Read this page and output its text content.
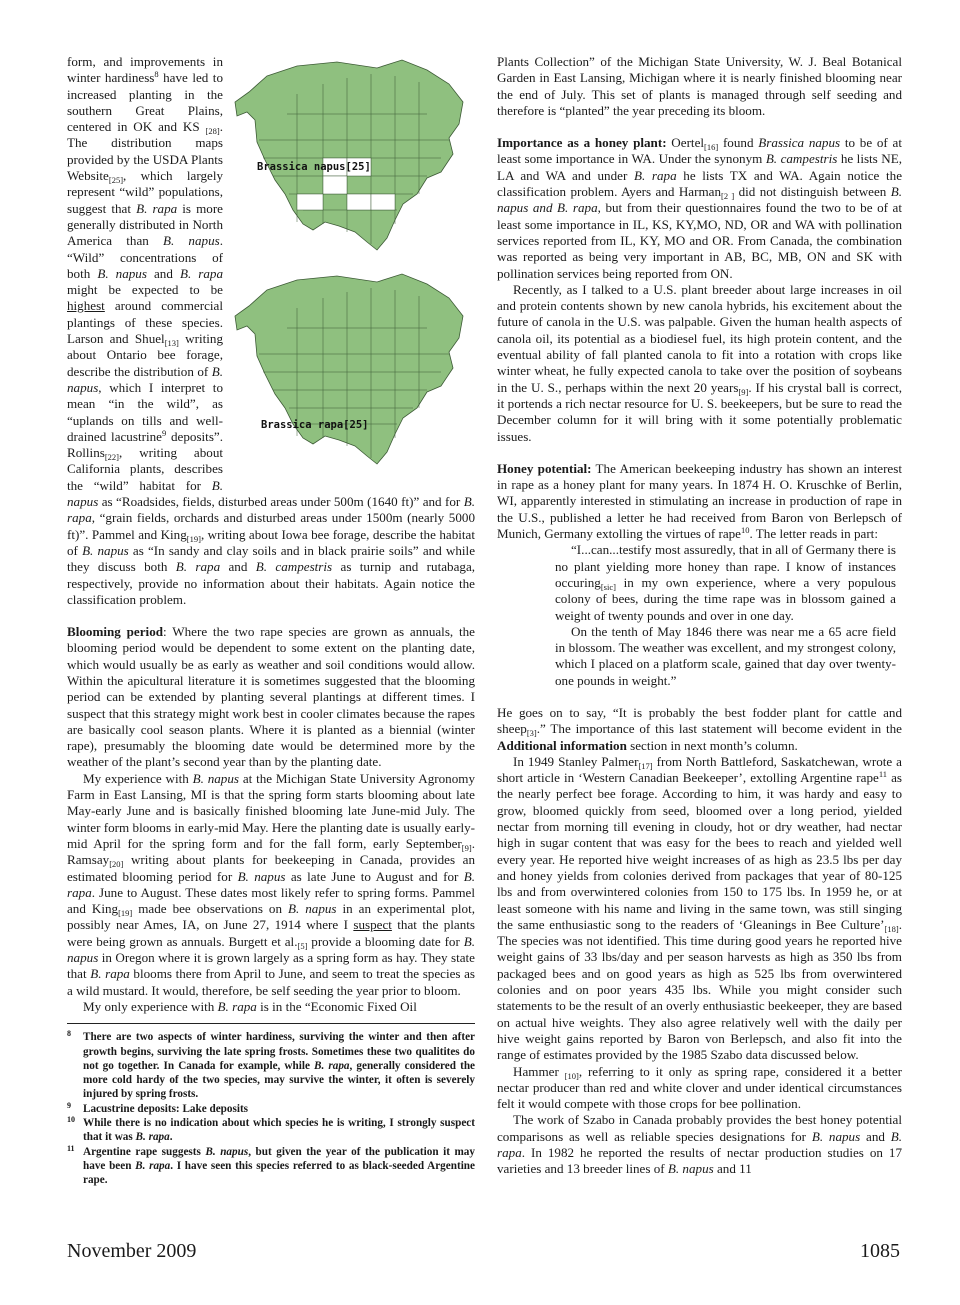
Brassica napus[25]
Brassica rapa[25]

form, and improvements in winter hardiness$^8$ have led to increased planting in the southern Great Plains, centered in OK and KS $_{[28]}$. The distribution maps provided by the USDA Plants Website$_{[25]}$, which largely represent “wild” populations, suggest that B. rapa is more generally distributed in North America than B. napus. “Wild” concentrations of both B. napus and B. rapa might be expected to be highest around commercial plantings of these species. Larson and Shuel$_{[13]}$ writing about Ontario bee forage, describe the distribution of B. napus, which I interpret to mean “in the wild”, as “uplands on tills and well-drained lacustrine$^9$ deposits”. Rollins$_{[22]}$, writing about California plants, describes the “wild” habitat for B. napus as “Roadsides, fields, disturbed areas under 500m (1640 ft)” and for B. rapa, “grain fields, orchards and disturbed areas under 1500m (nearly 5000 ft)”. Pammel and King$_{[19]}$, writing about Iowa bee forage, describe the habitat of B. napus as “In sandy and clay soils and in black prairie soils” and while they discuss both B. rapa and B. campestris as turnip and rutabaga, respectively, provide no information about their habitats. Again notice the classification problem.

Blooming period: Where the two rape species are grown as annuals, the blooming period would be dependent to some extent on the planting date, which would usually be as early as weather and soil conditions would allow. Within the apicultural literature it is sometimes suggested that the blooming period can be extended by planting several plantings at different times. I suspect that this strategy might work best in cooler climates because the rapes are basically cool season plants. Where it is planted as a biennial (winter rape), presumably the blooming date would be determined more by the weather of the plant’s second year than by the planting date.

My experience with B. napus at the Michigan State University Agronomy Farm in East Lansing, MI is that the spring form starts blooming about late May-early June and is basically finished blooming late June-mid July. The winter form blooms in early-mid May. Here the planting date is usually early-mid April for the spring form and for the fall form, early September$_{[9]}$. Ramsay$_{[20]}$ writing about plants for beekeeping in Canada, provides an estimated blooming period for B. napus as late June to August and for B. rapa. June to August. These dates most likely refer to spring forms. Pammel and King$_{[19]}$ made bee observations on B. napus in an experimental plot, possibly near Ames, IA, on June 27, 1914 where I suspect that the plants were being grown as annuals. Burgett et $al._{[5]}$ provide a blooming date for B. napus in Oregon where it is grown largely as a spring form as hay. They state that B. rapa blooms there from April to June, and seem to treat the species as a wild mustard. It would, therefore, be self seeding the year prior to bloom.

My only experience with B. rapa is in the “Economic Fixed Oil

8 There are two aspects of winter hardiness, surviving the winter and then after growth begins, surviving the late spring frosts. Sometimes these two qualitites do not go together. In Canada for example, while B. rapa, generally considered the more cold hardy of the two species, may survive the winter, it often is severely injured by spring frosts.
9 Lacustrine deposits: Lake deposits
10 While there is no indication about which species he is writing, I strongly suspect that it was B. rapa.
11 Argentine rape suggests B. napus, but given the year of the publication it may have been B. rapa. I have seen this species referred to as black-seeded Argentine rape.

Plants Collection” of the Michigan State University, W. J. Beal Botanical Garden in East Lansing, Michigan where it is nearly finished blooming near the end of July. This set of plants is managed through self seeding and therefore is “planted” the year preceding its bloom.

Importance as a honey plant: Oertel$_{[16]}$ found Brassica napus to be of at least some importance in WA. Under the synonym B. campestris he lists NE, LA and WA and under B. rapa he lists TX and WA. Again notice the classification problem. Ayers and Harman$_{[2 ]}$ did not distinguish between B. napus and B. rapa, but from their questionnaires found the two to be of at least some importance in IL, KS, KY,MO, ND, OR and WA with pollination services reported from IL, KY, MO and OR. From Canada, the combination was reported as being very important in AB, BC, MB, ON and SK with pollination services being reported from ON.

Recently, as I talked to a U.S. plant breeder about large increases in oil and protein contents shown by new canola hybrids, his excitement about the future of canola in the U.S. was palpable. Given the human health aspects of canola oil, its potential as a biodiesel fuel, its high protein content, and the eventual ability of fall planted canola to fit into a rotation with crops like winter wheat, he fully expected canola to take over the position of soybeans in the U. S., perhaps within the next 20 years$_{[9]}$. If his crystal ball is correct, it portends a rich nectar resource for U. S. beekeepers, but be sure to read the December column for it will bring with it some potentially problematic issues.

Honey potential: The American beekeeping industry has shown an interest in rape as a honey plant for many years. In 1874 H. O. Kruschke of Berlin, WI, apparently interested in stimulating an increase in production of rape in the U.S., published a letter he had received from Baron von Berlepsch of Munich, Germany extolling the virtues of rape$^{10}$. The letter reads in part:

“I...can...testify most assuredly, that in all of Germany there is no plant yielding more honey than rape. I know of instances occuring$_{[sic]}$ in my own experience, where a very populous colony of bees, during the time rape was in blossom gained a weight of twenty pounds and over in one day.

On the tenth of May 1846 there was near me a 65 acre field in blossom. The weather was excellent, and my strongest colony, which I placed on a platform scale, gained that day over twenty-one pounds in weight.”

He goes on to say, “It is probably the best fodder plant for cattle and sheep$_{[3]}$.” The importance of this last statement will become evident in the Additional information section in next month’s column.

In 1949 Stanley Palmer$_{[17]}$ from North Battleford, Saskatchewan, wrote a short article in ‘Western Canadian Beekeeper’, extolling Argentine rape$^{11}$ as the nearly perfect bee forage. According to him, it was hardy and easy to grow, bloomed quickly from seed, bloomed over a long period, yielded nectar from morning till evening in cloudy, hot or dry weather, had nectar high in sugar content that was easy for the bees to reach and yielded well every year. He reported hive weight increases of as high as 23.5 lbs per day and honey yields from colonies derived from packages that year of 80-125 lbs and from overwintered colonies from 150 to 175 lbs. In 1959 he, or at least someone with his name and living in the same town, was still singing the same enthusiastic song to the readers of ‘Gleanings in Bee $Culture’_{[18]}$. The species was not identified. This time during good years he reported hive weight gains of 33 lbs/day and per season harvests as high as 350 lbs from packaged bees and on good years as high as 525 lbs from overwintered colonies and on poor years 435 lbs. While you might consider such statements to be the result of an overly enthusiastic beekeeper, they are based on actual hive weights. They also agree relatively well with the daily per hive weight gains reported by Baron von Berlepsch, and also fit into the range of estimates provided by the 1985 Szabo data discussed below.

Hammer $_{[10]}$, referring to it only as spring rape, considered it a better nectar producer than red and white clover and under identical circumstances felt it would compete with those crops for bee pollination.

The work of Szabo in Canada probably provides the best honey potential comparisons as well as reliable species designations for B. napus and B. rapa. In 1982 he reported the results of nectar production studies on 17 varieties and 13 breeder lines of B. napus and 11

November 2009	1085
